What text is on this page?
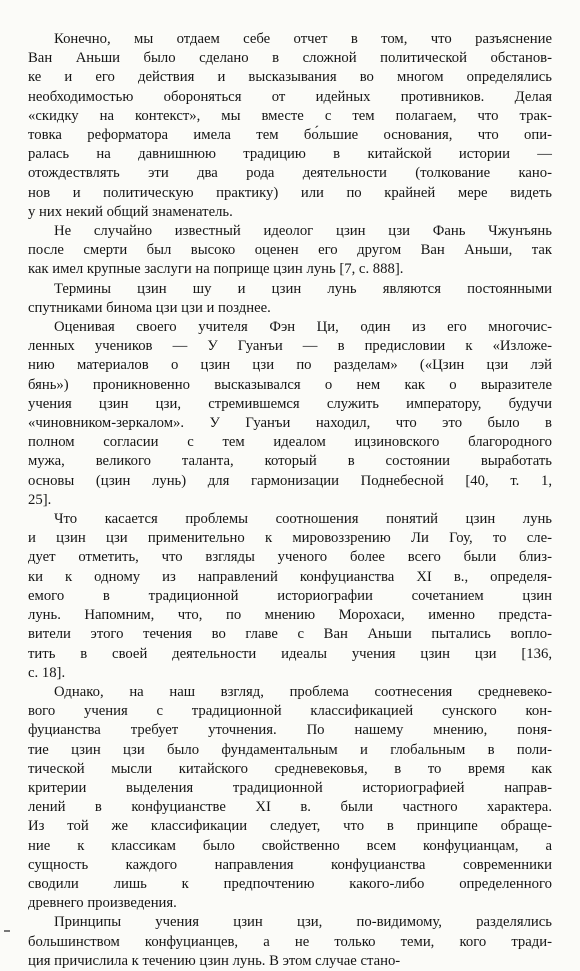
Конечно, мы отдаем себе отчет в том, что разъяснение
Ван Аньши было сделано в сложной политической обстанов-
ке и его действия и высказывания во многом определялись
необходимостью обороняться от идейных противников. Делая
«скидку на контекст», мы вместе с тем полагаем, что трак-
товка реформатора имела тем бо́льшие основания, что опи-
ралась на давнишнюю традицию в китайской истории —
отождествлять эти два рода деятельности (толкование кано-
нов и политическую практику) или по крайней мере видеть
у них некий общий знаменатель.

Не случайно известный идеолог цзин цзи Фань Чжунъянь
после смерти был высоко оценен его другом Ван Аньши, так
как имел крупные заслуги на поприще цзин лунь [7, с. 888].

Термины цзин шу и цзин лунь являются постоянными
спутниками бинома цзи цзи и позднее.

Оценивая своего учителя Фэн Ци, один из его многочис-
ленных учеников — У Гуанъи — в предисловии к «Изложе-
нию материалов о цзин цзи по разделам» («Цзин цзи лэй
бянь») проникновенно высказывался о нем как о выразителе
учения цзин цзи, стремившемся служить императору, будучи
«чиновником-зеркалом». У Гуанъи находил, что это было в
полном согласии с тем идеалом ицзиновского благородного
мужа, великого таланта, который в состоянии выработать
основы (цзин лунь) для гармонизации Поднебесной [40, т. 1,
25].

Что касается проблемы соотношения понятий цзин лунь
и цзин цзи применительно к мировоззрению Ли Гоу, то сле-
дует отметить, что взгляды ученого более всего были близ-
ки к одному из направлений конфуцианства XI в., определя-
емого в традиционной историографии сочетанием цзин
лунь. Напомним, что, по мнению Морохаси, именно предста-
вители этого течения во главе с Ван Аньши пытались вопло-
тить в своей деятельности идеалы учения цзин цзи [136,
с. 18].

Однако, на наш взгляд, проблема соотнесения средневеко-
вого учения с традиционной классификацией сунского кон-
фуцианства требует уточнения. По нашему мнению, поня-
тие цзин цзи было фундаментальным и глобальным в поли-
тической мысли китайского средневековья, в то время как
критерии выделения традиционной историографией направ-
лений в конфуцианстве XI в. были частного характера.
Из той же классификации следует, что в принципе обраще-
ние к классикам было свойственно всем конфуцианцам, а
сущность каждого направления конфуцианства современники
сводили лишь к предпочтению какого-либо определенного
древнего произведения.

Принципы учения цзин цзи, по-видимому, разделялись
большинством конфуцианцев, а не только теми, кого тради-
ция причислила к течению цзин лунь. В этом случае стано-
